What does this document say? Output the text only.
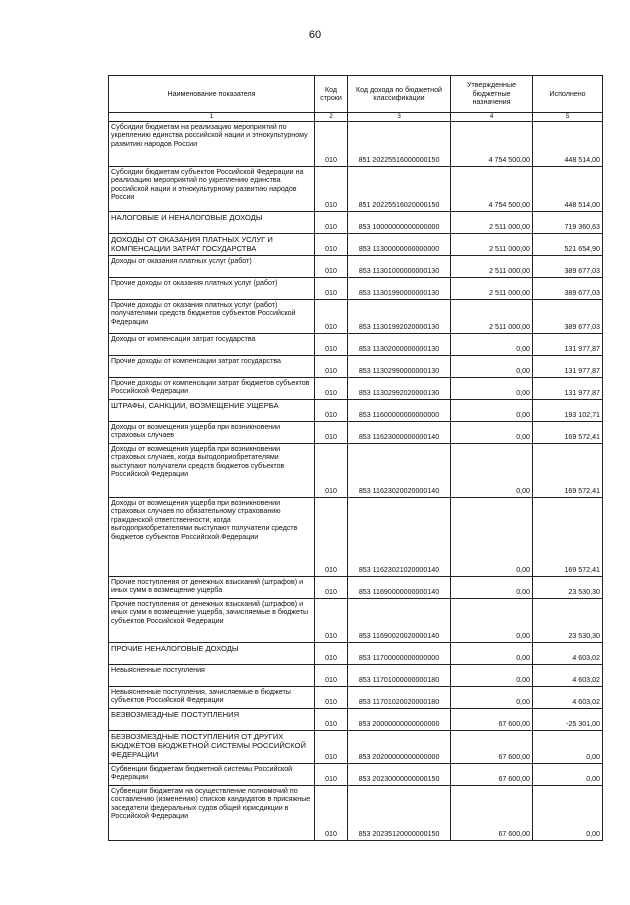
60
Наименование показателя	Код строки	Код дохода по бюджетной классификации	Утвержденные бюджетные назначения	Исполнено
1	2	3	4	5
Субсидии бюджетам на реализацию мероприятий по укреплению единства российской нации и этнокультурному развитию народов России	010	851 20225516000000150	4 754 500,00	448 514,00
Субсидии бюджетам субъектов Российской Федерации на реализацию мероприятий по укреплению единства российской нации и этнокультурному развитию народов России	010	851 20225516020000150	4 754 500,00	448 514,00
НАЛОГОВЫЕ И НЕНАЛОГОВЫЕ ДОХОДЫ	010	853 10000000000000000	2 511 000,00	719 360,63
ДОХОДЫ ОТ ОКАЗАНИЯ ПЛАТНЫХ УСЛУГ И КОМПЕНСАЦИИ ЗАТРАТ ГОСУДАРСТВА	010	853 11300000000000000	2 511 000,00	521 654,90
Доходы от оказания платных услуг (работ)	010	853 11301000000000130	2 511 000,00	389 677,03
Прочие доходы от оказания платных услуг (работ)	010	853 11301990000000130	2 511 000,00	389 677,03
Прочие доходы от оказания платных услуг (работ) получателями средств бюджетов субъектов Российской Федерации	010	853 11301992020000130	2 511 000,00	389 677,03
Доходы от компенсации затрат государства	010	853 11302000000000130	0,00	131 977,87
Прочие доходы от компенсации затрат государства	010	853 11302990000000130	0,00	131 977,87
Прочие доходы от компенсации затрат бюджетов субъектов Российской Федерации	010	853 11302992020000130	0,00	131 977,87
ШТРАФЫ, САНКЦИИ, ВОЗМЕЩЕНИЕ УЩЕРБА	010	853 11600000000000000	0,00	193 102,71
Доходы от возмещения ущерба при возникновении страховых случаев	010	853 11623000000000140	0,00	169 572,41
Доходы от возмещения ущерба при возникновении страховых случаев, когда выгодоприобретателями выступают получатели средств бюджетов субъектов Российской Федерации	010	853 11623020020000140	0,00	169 572,41
Доходы от возмещения ущерба при возникновении страховых случаев по обязательному страхованию гражданской ответственности, когда выгодоприобретателями выступают получатели средств бюджетов субъектов Российской Федерации	010	853 11623021020000140	0,00	169 572,41
Прочие поступления от денежных взысканий (штрафов) и иных сумм в возмещение ущерба	010	853 11690000000000140	0,00	23 530,30
Прочие поступления от денежных взысканий (штрафов) и иных сумм в возмещение ущерба, зачисляемые в бюджеты субъектов Российской Федерации	010	853 11690020020000140	0,00	23 530,30
ПРОЧИЕ НЕНАЛОГОВЫЕ ДОХОДЫ	010	853 11700000000000000	0,00	4 603,02
Невыясненные поступления	010	853 11701000000000180	0,00	4 603,02
Невыясненные поступления, зачисляемые в бюджеты субъектов Российской Федерации	010	853 11701020020000180	0,00	4 603,02
БЕЗВОЗМЕЗДНЫЕ ПОСТУПЛЕНИЯ	010	853 20000000000000000	67 600,00	-25 301,00
БЕЗВОЗМЕЗДНЫЕ ПОСТУПЛЕНИЯ ОТ ДРУГИХ БЮДЖЕТОВ БЮДЖЕТНОЙ СИСТЕМЫ РОССИЙСКОЙ ФЕДЕРАЦИИ	010	853 20200000000000000	67 600,00	0,00
Субвенции бюджетам бюджетной системы Российской Федерации	010	853 20230000000000150	67 600,00	0,00
Субвенции бюджетам на осуществление полномочий по составлению (изменению) списков кандидатов в присяжные заседатели федеральных судов общей юрисдикции в Российской Федерации	010	853 20235120000000150	67 600,00	0,00
